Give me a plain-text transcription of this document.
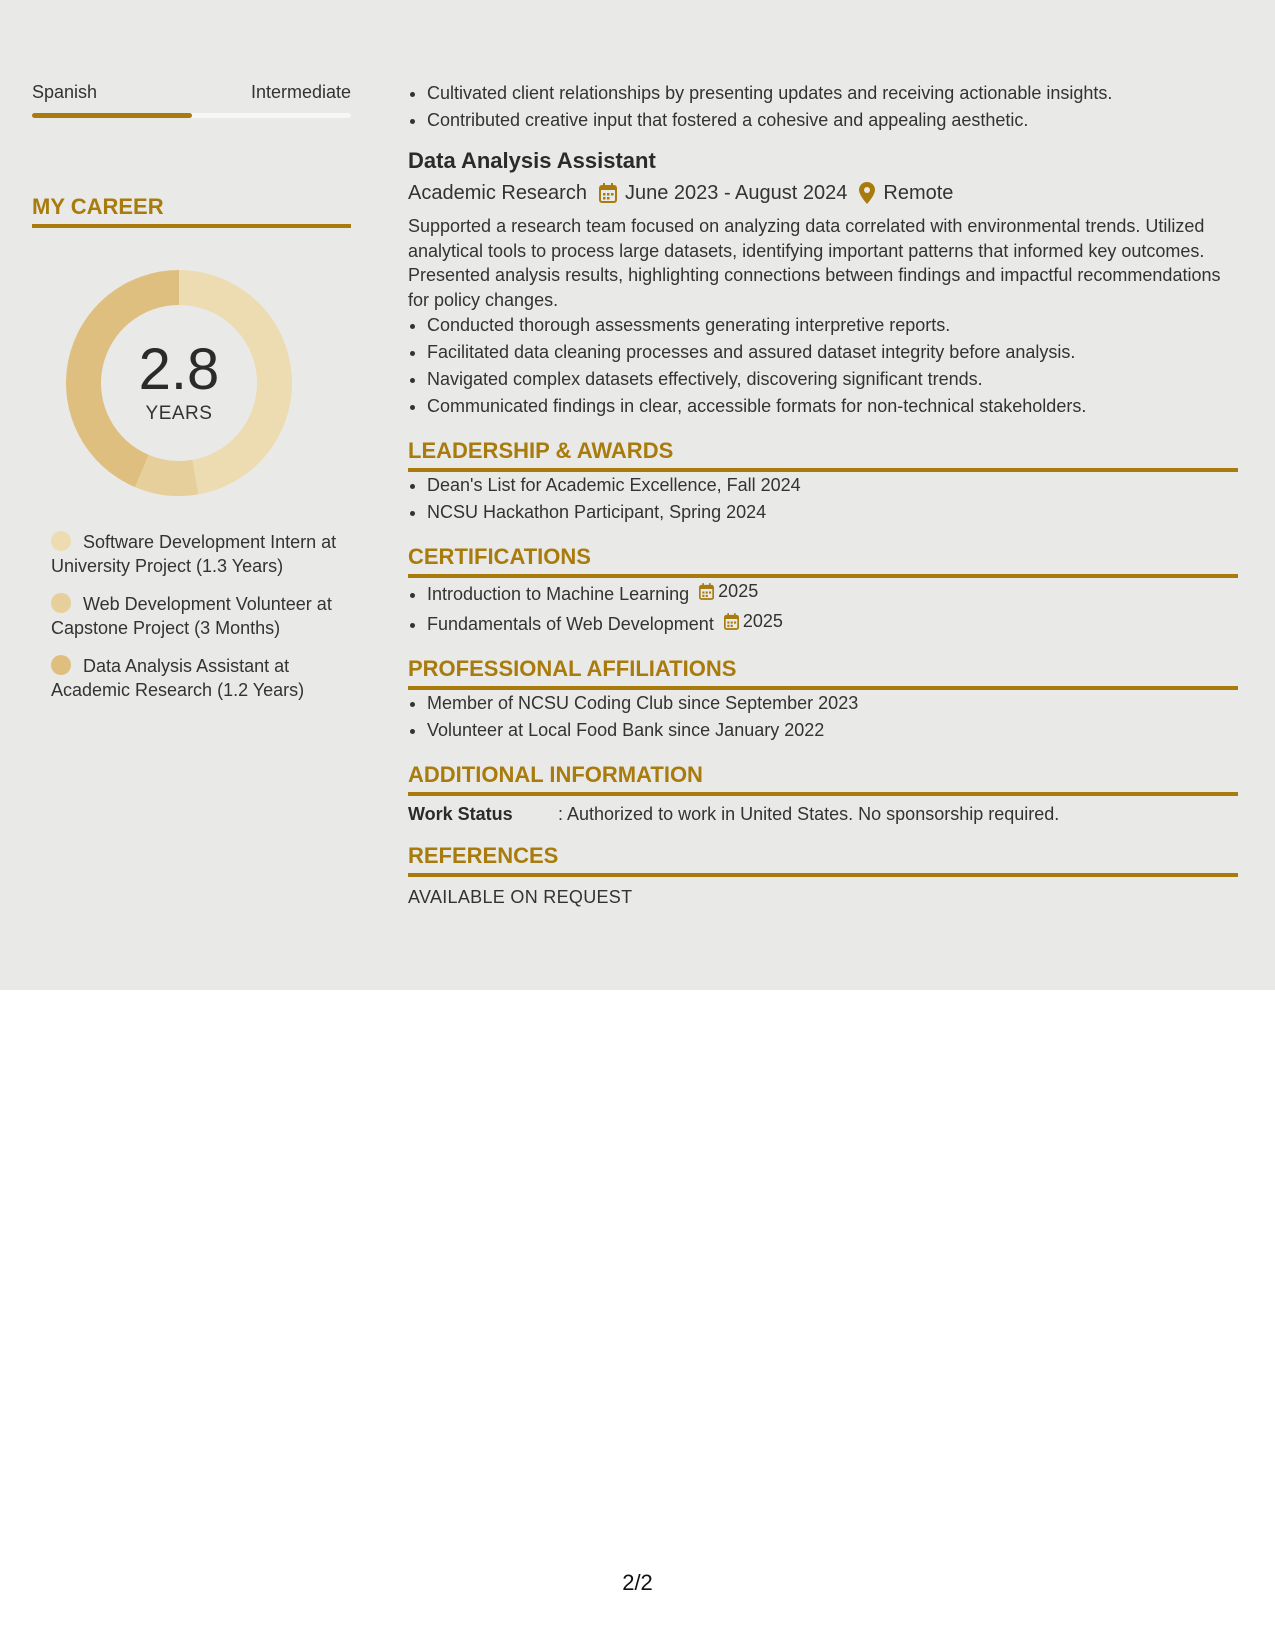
Spanish	Intermediate
MY CAREER
2.8
YEARS
Software Development Intern at University Project (1.3 Years)
Web Development Volunteer at Capstone Project (3 Months)
Data Analysis Assistant at Academic Research (1.2 Years)
• Cultivated client relationships by presenting updates and receiving actionable insights.
• Contributed creative input that fostered a cohesive and appealing aesthetic.
Data Analysis Assistant
Academic Research June 2023 - August 2024 Remote
Supported a research team focused on analyzing data correlated with environmental trends. Utilized analytical tools to process large datasets, identifying important patterns that informed key outcomes. Presented analysis results, highlighting connections between findings and impactful recommendations for policy changes.
• Conducted thorough assessments generating interpretive reports.
• Facilitated data cleaning processes and assured dataset integrity before analysis.
• Navigated complex datasets effectively, discovering significant trends.
• Communicated findings in clear, accessible formats for non-technical stakeholders.
LEADERSHIP & AWARDS
• Dean's List for Academic Excellence, Fall 2024
• NCSU Hackathon Participant, Spring 2024
CERTIFICATIONS
• Introduction to Machine Learning 2025
• Fundamentals of Web Development 2025
PROFESSIONAL AFFILIATIONS
• Member of NCSU Coding Club since September 2023
• Volunteer at Local Food Bank since January 2022
ADDITIONAL INFORMATION
Work Status	: Authorized to work in United States. No sponsorship required.
REFERENCES
AVAILABLE ON REQUEST
2/2
